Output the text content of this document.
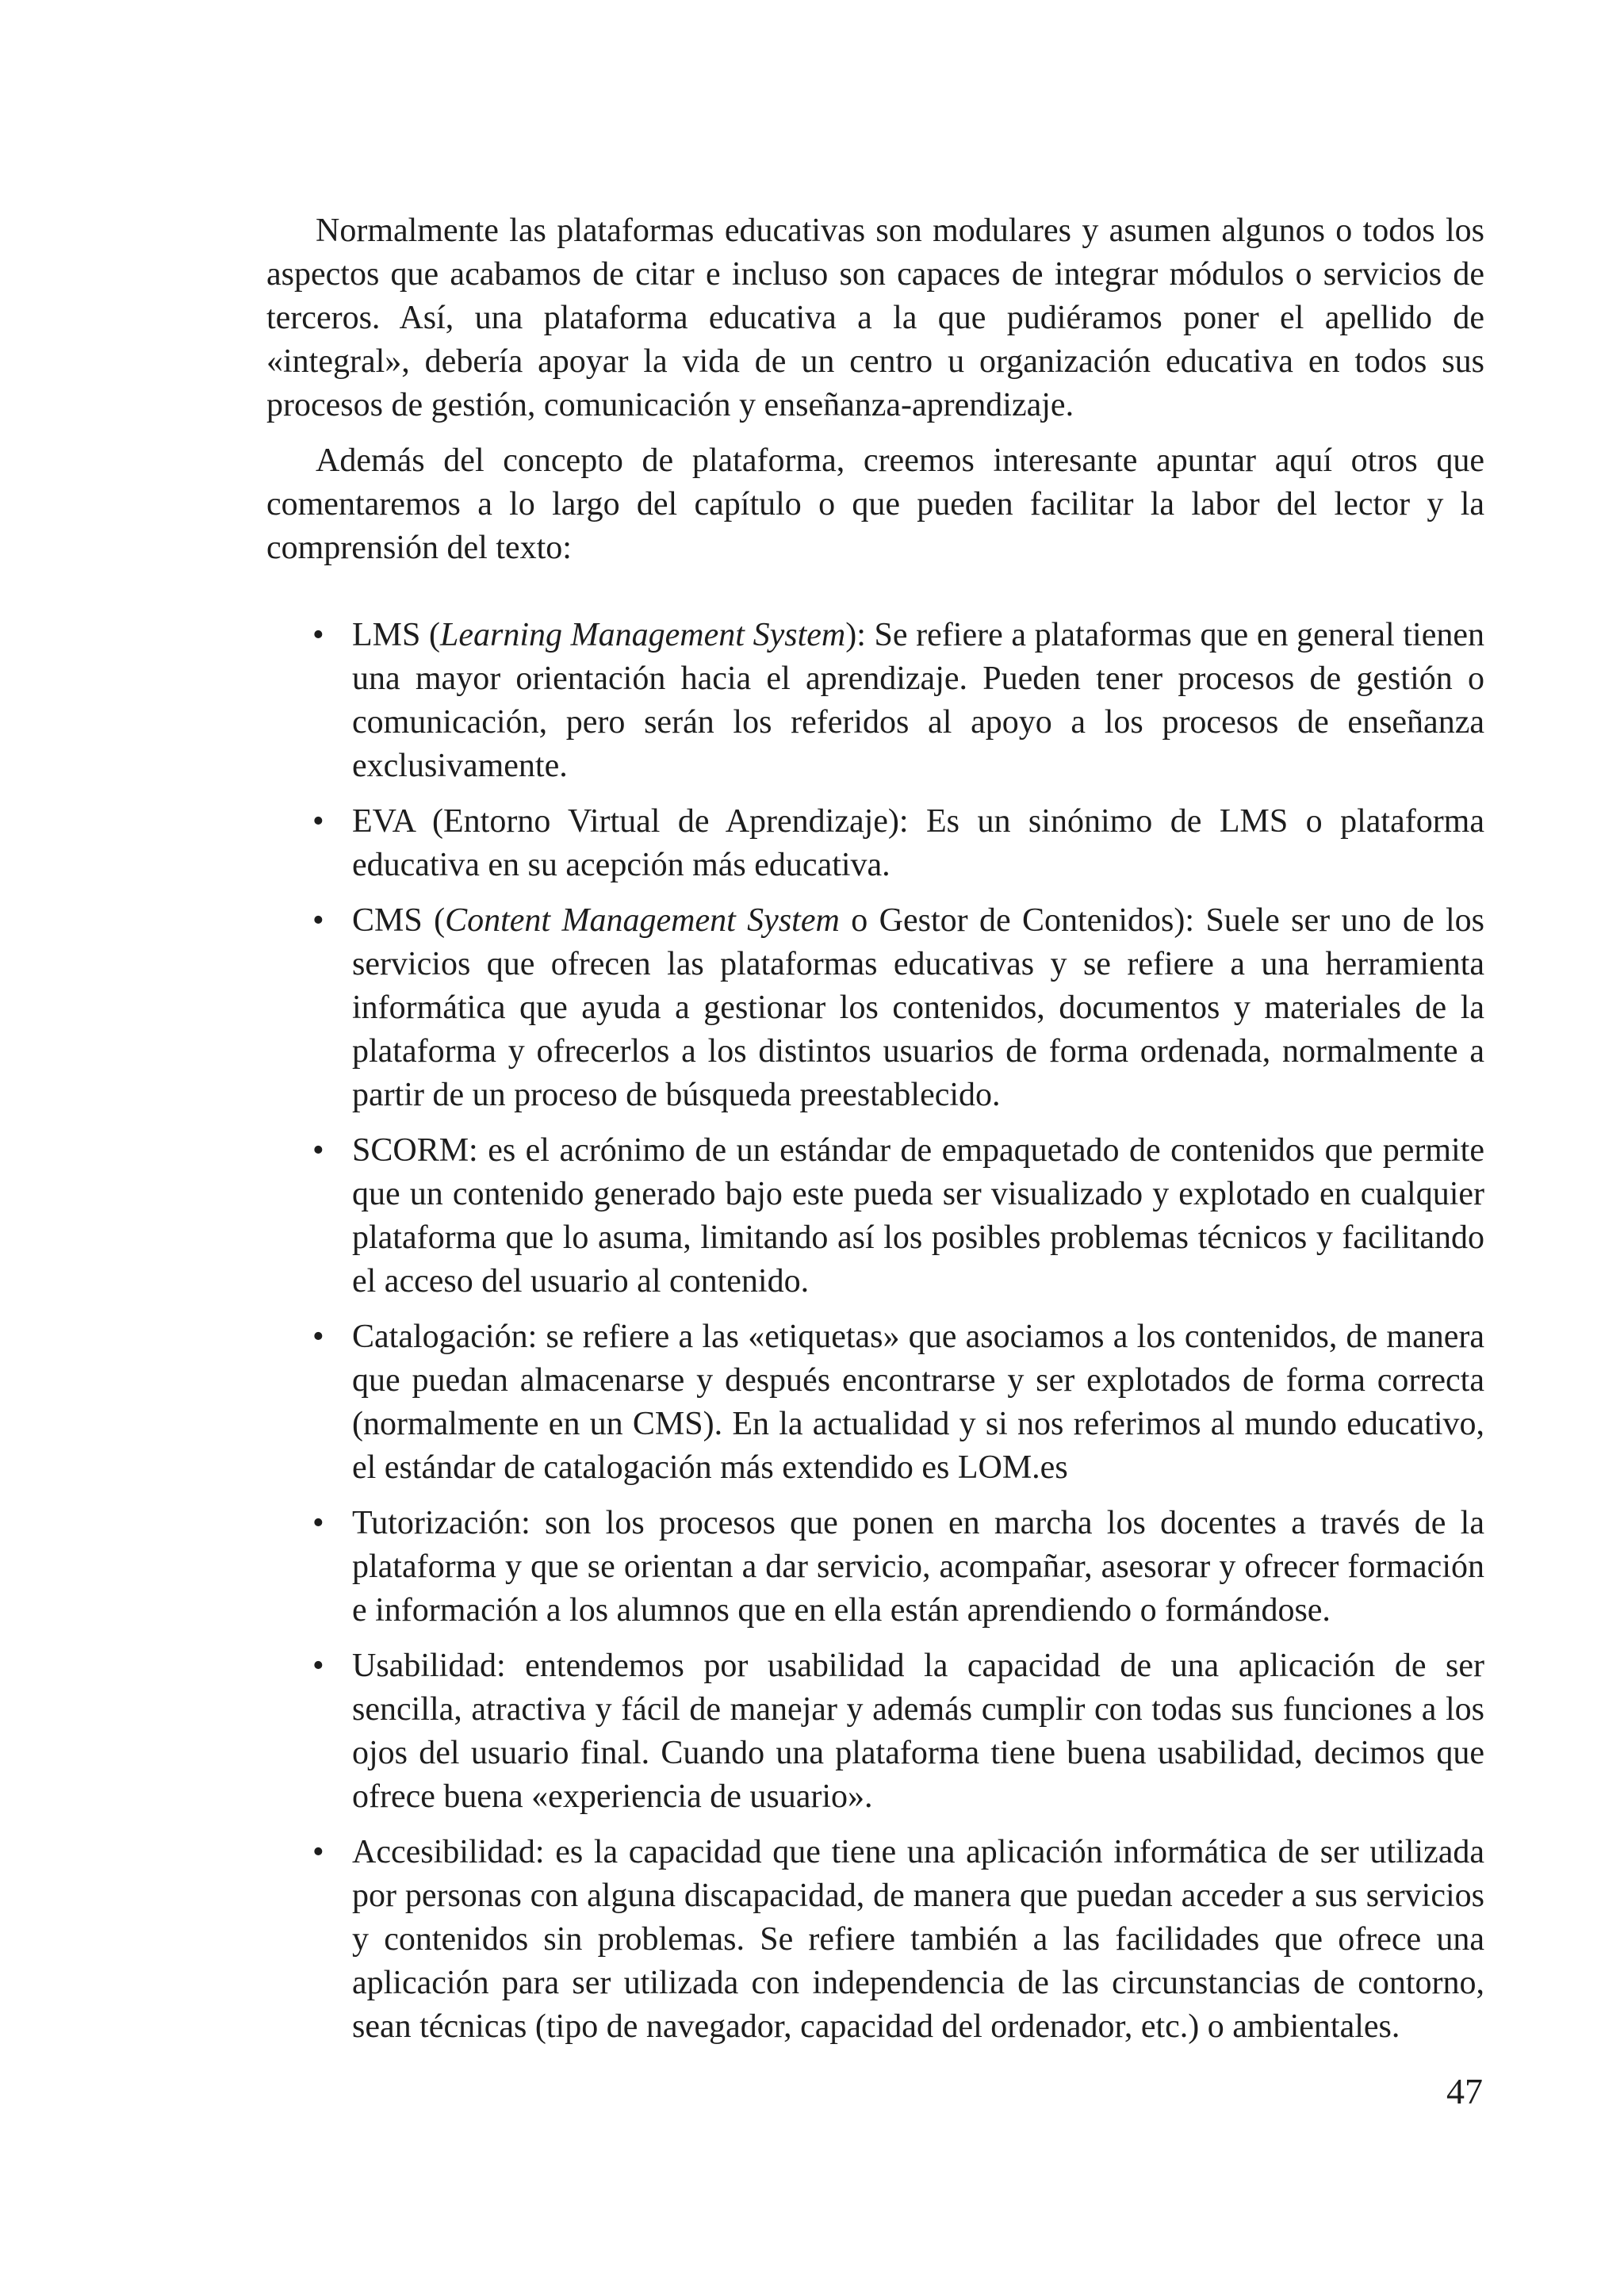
Normalmente las plataformas educativas son modulares y asumen algunos o todos los aspectos que acabamos de citar e incluso son capaces de integrar módulos o servicios de terceros. Así, una plataforma educativa a la que pudiéramos poner el apellido de «integral», debería apoyar la vida de un centro u organización educativa en todos sus procesos de gestión, comunicación y enseñanza-aprendizaje.

Además del concepto de plataforma, creemos interesante apuntar aquí otros que comentaremos a lo largo del capítulo o que pueden facilitar la labor del lector y la comprensión del texto:

• LMS (Learning Management System): Se refiere a plataformas que en general tienen una mayor orientación hacia el aprendizaje. Pueden tener procesos de gestión o comunicación, pero serán los referidos al apoyo a los procesos de enseñanza exclusivamente.
• EVA (Entorno Virtual de Aprendizaje): Es un sinónimo de LMS o plataforma educativa en su acepción más educativa.
• CMS (Content Management System o Gestor de Contenidos): Suele ser uno de los servicios que ofrecen las plataformas educativas y se refiere a una herramienta informática que ayuda a gestionar los contenidos, documentos y materiales de la plataforma y ofrecerlos a los distintos usuarios de forma ordenada, normalmente a partir de un proceso de búsqueda preestablecido.
• SCORM: es el acrónimo de un estándar de empaquetado de contenidos que permite que un contenido generado bajo este pueda ser visualizado y explotado en cualquier plataforma que lo asuma, limitando así los posibles problemas técnicos y facilitando el acceso del usuario al contenido.
• Catalogación: se refiere a las «etiquetas» que asociamos a los contenidos, de manera que puedan almacenarse y después encontrarse y ser explotados de forma correcta (normalmente en un CMS). En la actualidad y si nos referimos al mundo educativo, el estándar de catalogación más extendido es LOM.es
• Tutorización: son los procesos que ponen en marcha los docentes a través de la plataforma y que se orientan a dar servicio, acompañar, asesorar y ofrecer formación e información a los alumnos que en ella están aprendiendo o formándose.
• Usabilidad: entendemos por usabilidad la capacidad de una aplicación de ser sencilla, atractiva y fácil de manejar y además cumplir con todas sus funciones a los ojos del usuario final. Cuando una plataforma tiene buena usabilidad, decimos que ofrece buena «experiencia de usuario».
• Accesibilidad: es la capacidad que tiene una aplicación informática de ser utilizada por personas con alguna discapacidad, de manera que puedan acceder a sus servicios y contenidos sin problemas. Se refiere también a las facilidades que ofrece una aplicación para ser utilizada con independencia de las circunstancias de contorno, sean técnicas (tipo de navegador, capacidad del ordenador, etc.) o ambientales.
47
